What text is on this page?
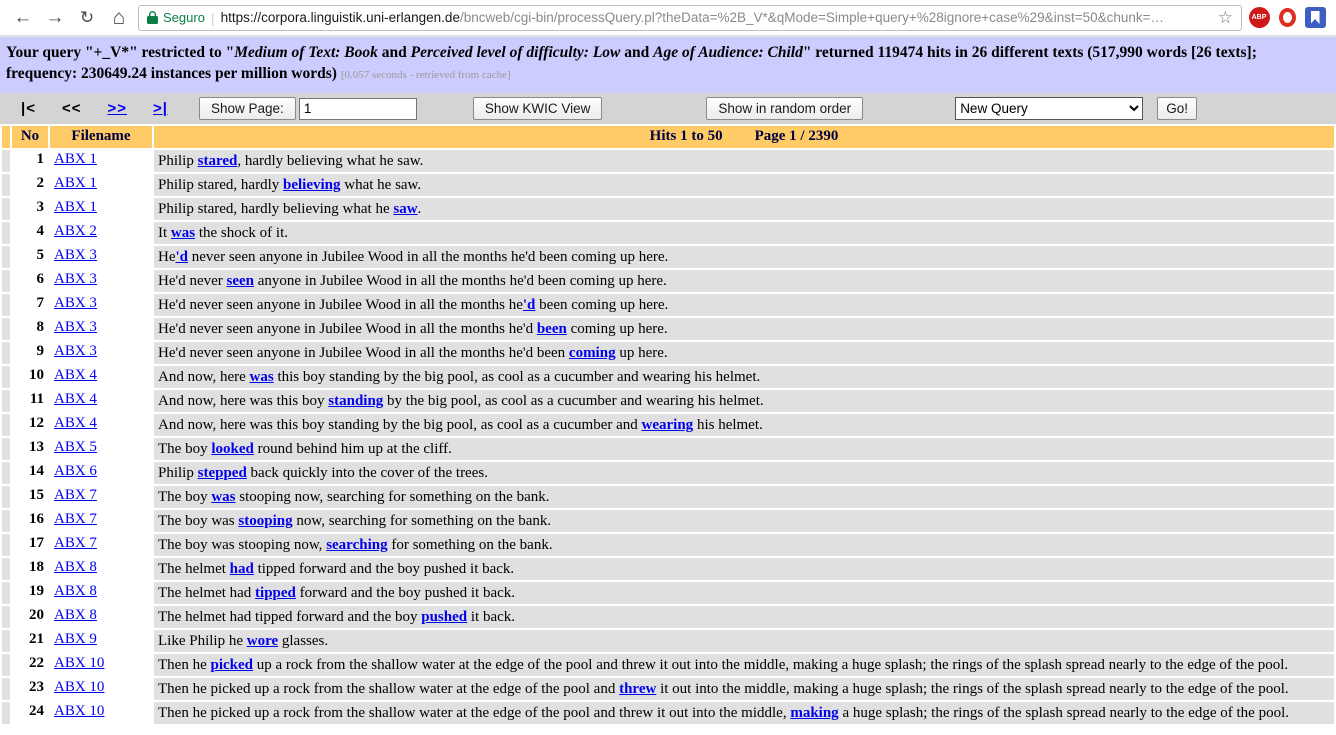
← → ↻ ⌂	Seguro | https://corpora.linguistik.uni-erlangen.de/bncweb/cgi-bin/processQuery.pl?theData=%2B_V*&qMode=Simple+query+%28ignore+case%29&inst=50&chunk=…	☆	ABP
Your query "+_V*" restricted to "Medium of Text: Book and Perceived level of difficulty: Low and Age of Audience: Child" returned 119474 hits in 26 different texts (517,990 words [26 texts]; frequency: 230649.24 instances per million words) [0.057 seconds - retrieved from cache]
|< << >> >|	Show Page:
1	Show KWIC View	Show in random order
New Query	Go!
	No	Filename	Hits 1 to 50 Page 1 / 2390
	1	ABX 1	Philip stared, hardly believing what he saw.
	2	ABX 1	Philip stared, hardly believing what he saw.
	3	ABX 1	Philip stared, hardly believing what he saw.
	4	ABX 2	It was the shock of it.
	5	ABX 3	He'd never seen anyone in Jubilee Wood in all the months he'd been coming up here.
	6	ABX 3	He'd never seen anyone in Jubilee Wood in all the months he'd been coming up here.
	7	ABX 3	He'd never seen anyone in Jubilee Wood in all the months he'd been coming up here.
	8	ABX 3	He'd never seen anyone in Jubilee Wood in all the months he'd been coming up here.
	9	ABX 3	He'd never seen anyone in Jubilee Wood in all the months he'd been coming up here.
	10	ABX 4	And now, here was this boy standing by the big pool, as cool as a cucumber and wearing his helmet.
	11	ABX 4	And now, here was this boy standing by the big pool, as cool as a cucumber and wearing his helmet.
	12	ABX 4	And now, here was this boy standing by the big pool, as cool as a cucumber and wearing his helmet.
	13	ABX 5	The boy looked round behind him up at the cliff.
	14	ABX 6	Philip stepped back quickly into the cover of the trees.
	15	ABX 7	The boy was stooping now, searching for something on the bank.
	16	ABX 7	The boy was stooping now, searching for something on the bank.
	17	ABX 7	The boy was stooping now, searching for something on the bank.
	18	ABX 8	The helmet had tipped forward and the boy pushed it back.
	19	ABX 8	The helmet had tipped forward and the boy pushed it back.
	20	ABX 8	The helmet had tipped forward and the boy pushed it back.
	21	ABX 9	Like Philip he wore glasses.
	22	ABX 10	Then he picked up a rock from the shallow water at the edge of the pool and threw it out into the middle, making a huge splash; the rings of the splash spread nearly to the edge of the pool.
	23	ABX 10	Then he picked up a rock from the shallow water at the edge of the pool and threw it out into the middle, making a huge splash; the rings of the splash spread nearly to the edge of the pool.
	24	ABX 10	Then he picked up a rock from the shallow water at the edge of the pool and threw it out into the middle, making a huge splash; the rings of the splash spread nearly to the edge of the pool.
